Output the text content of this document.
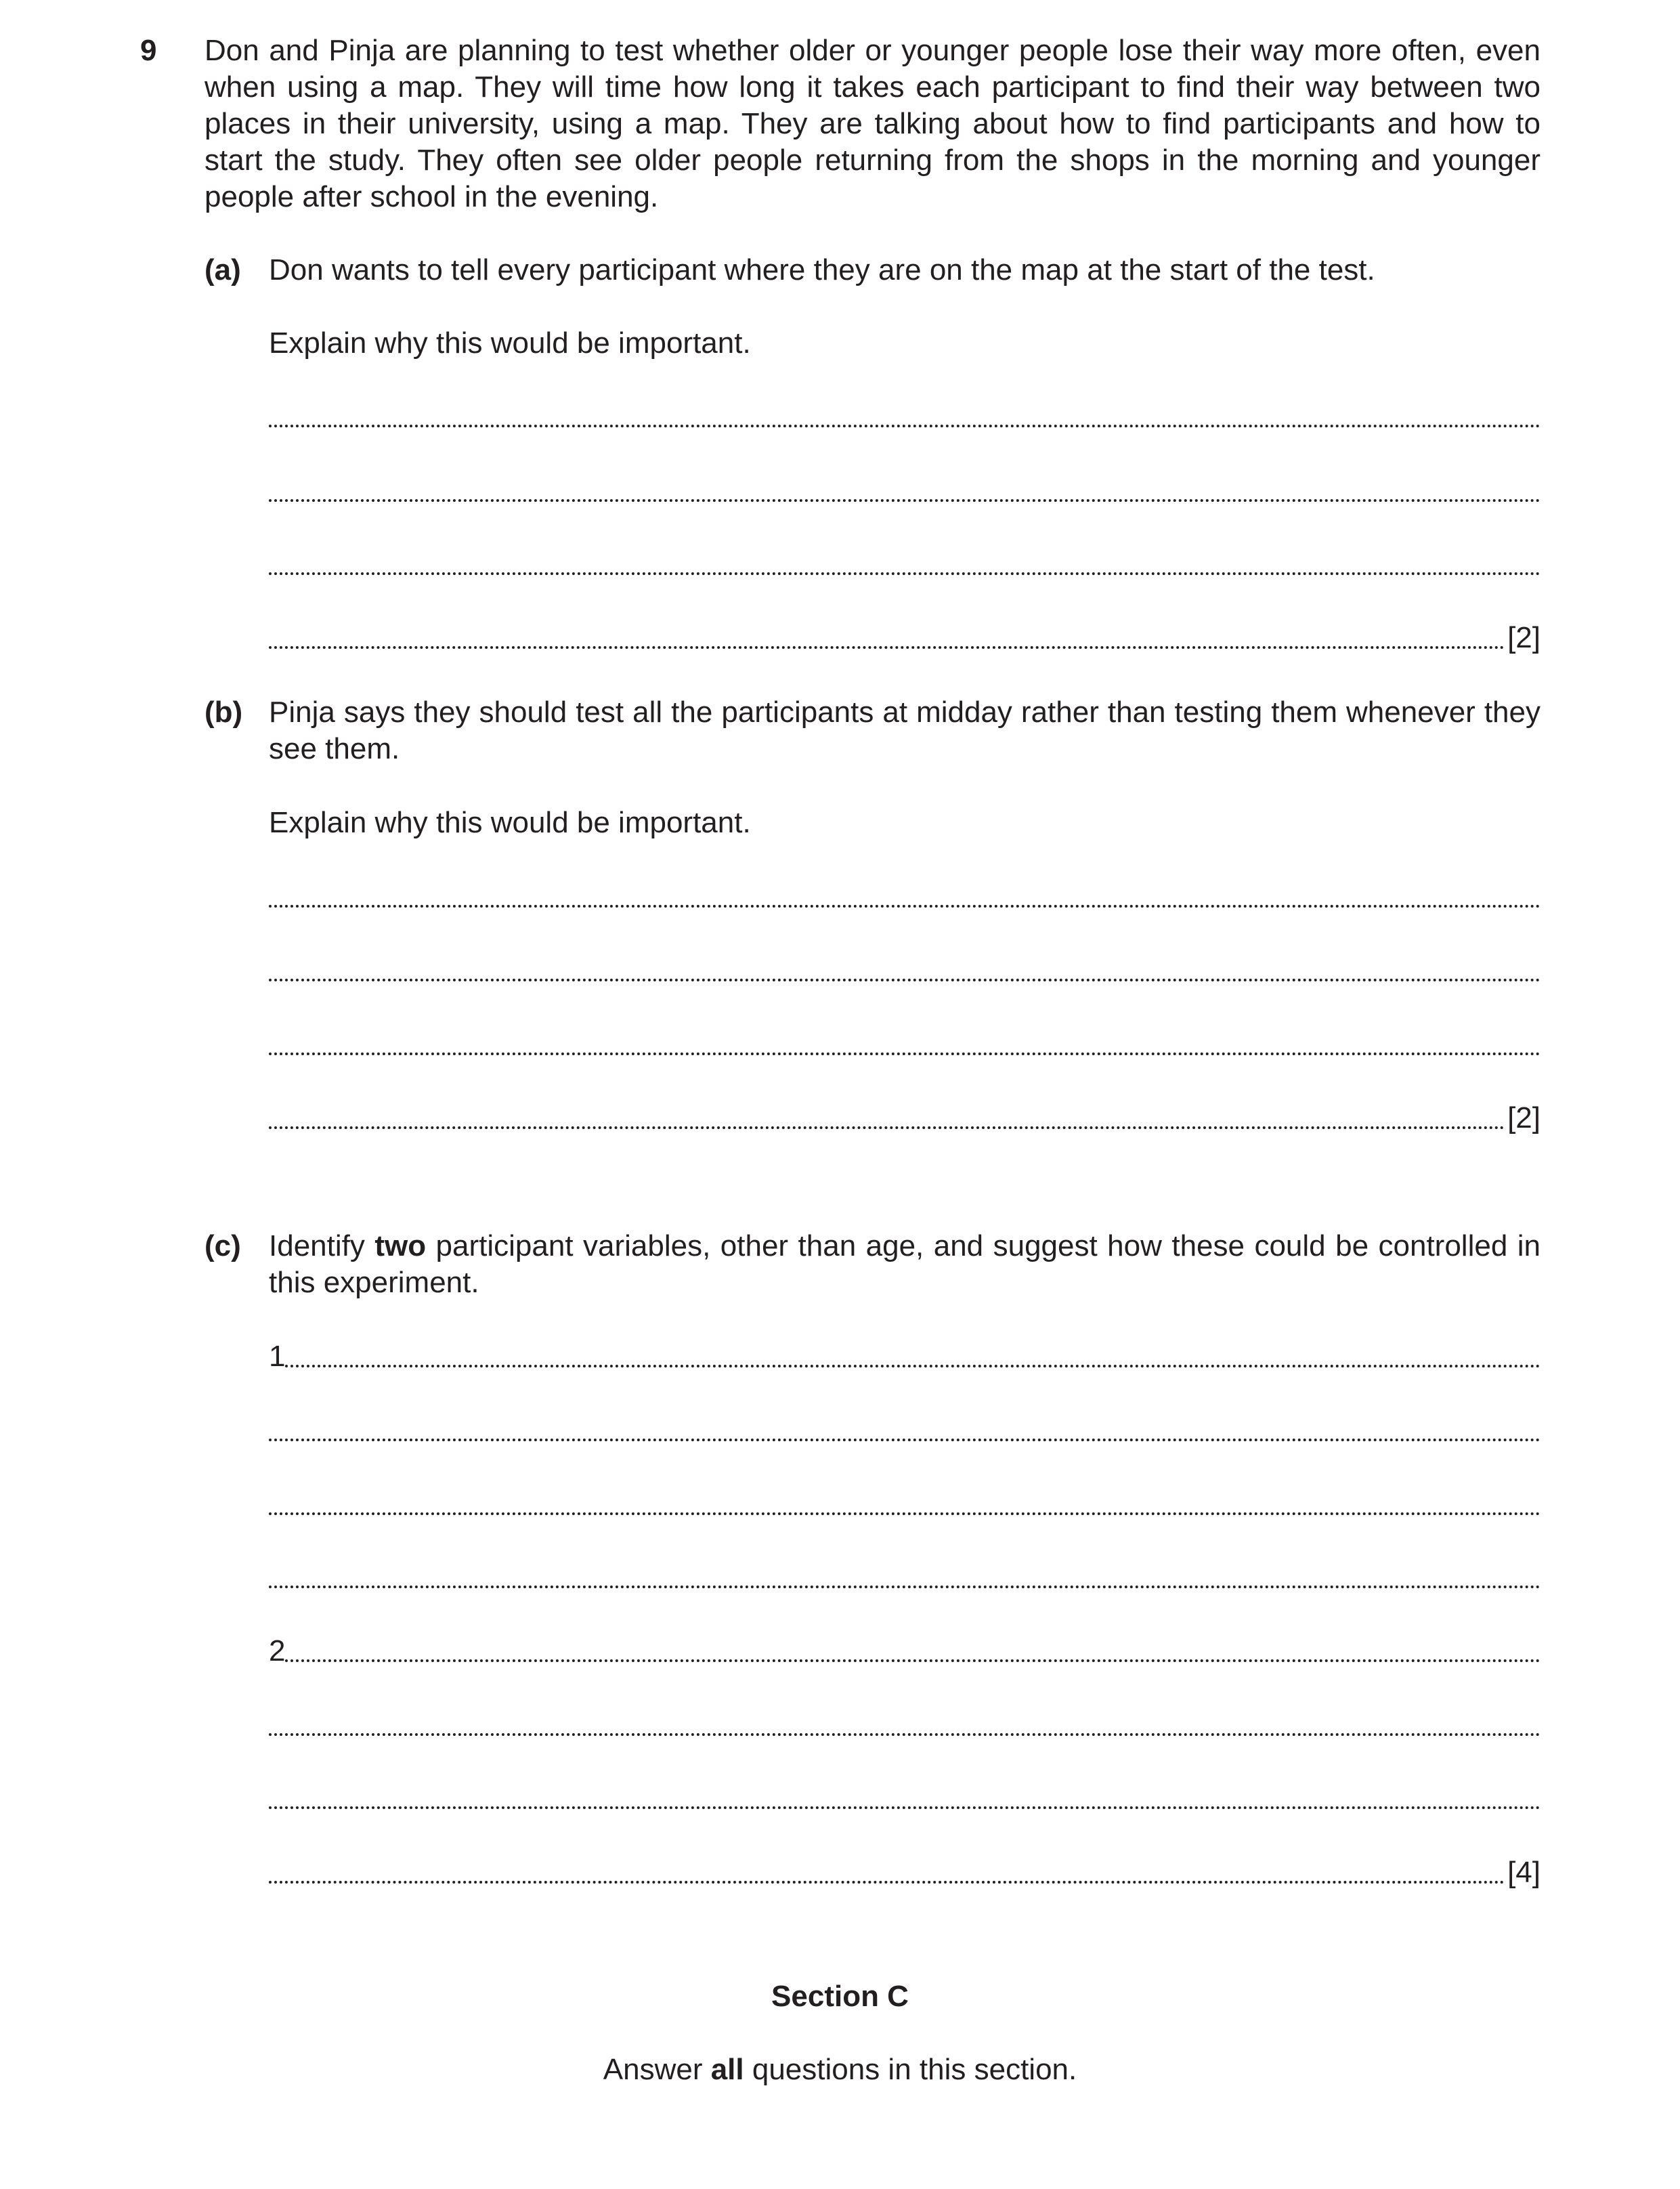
9 Don and Pinja are planning to test whether older or younger people lose their way more often, even when using a map. They will time how long it takes each participant to find their way between two places in their university, using a map. They are talking about how to find participants and how to start the study. They often see older people returning from the shops in the morning and younger people after school in the evening.
(a) Don wants to tell every participant where they are on the map at the start of the test.
Explain why this would be important.
[2]
(b) Pinja says they should test all the participants at midday rather than testing them whenever they see them.
Explain why this would be important.
[2]
(c) Identify two participant variables, other than age, and suggest how these could be controlled in this experiment.
1
2
[4]
Section C
Answer all questions in this section.
